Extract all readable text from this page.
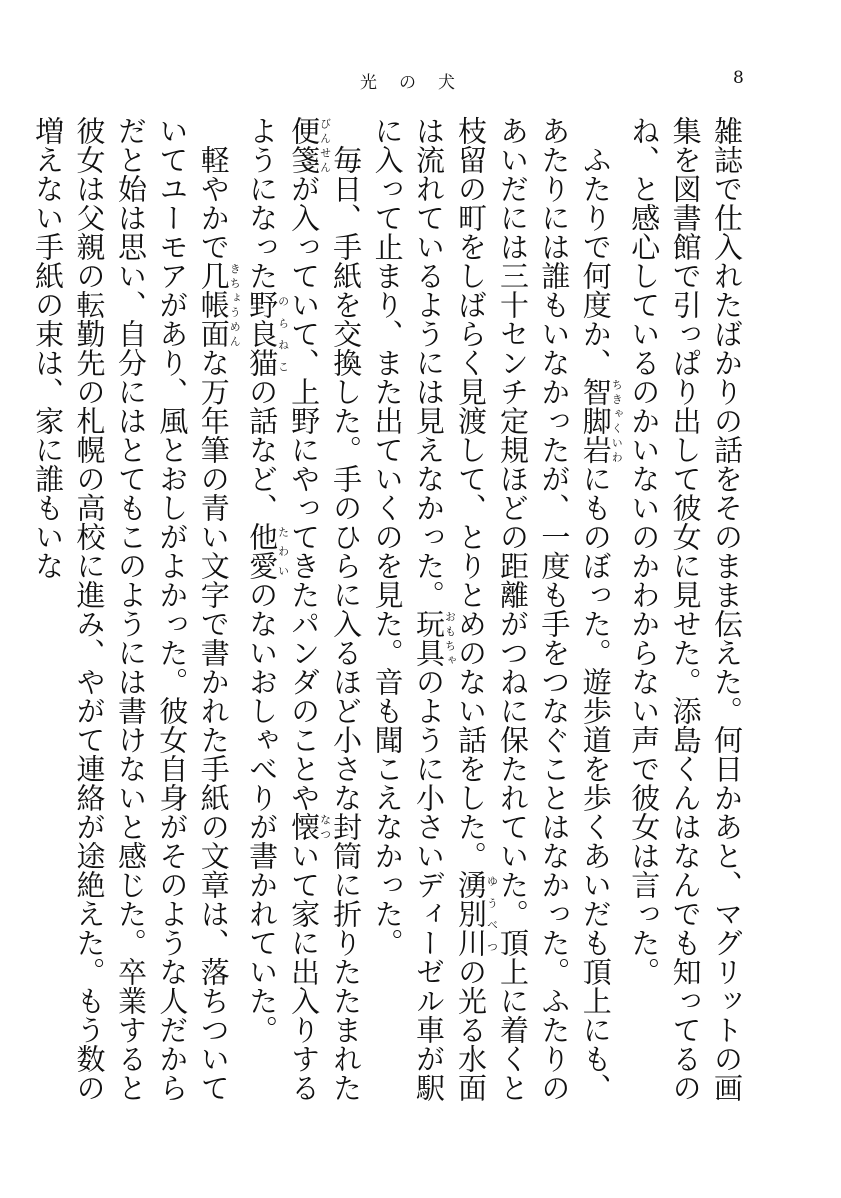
光の犬	8

雑誌で仕入れたばかりの話をそのまま伝えた。何日かあと、マグリットの画集を図書館で引っぱり出して彼女に見せた。添島くんはなんでも知ってるのね、と感心しているのかいないのかわからない声で彼女は言った。

　ふたりで何度か、智脚岩ちきゃくいわにものぼった。遊歩道を歩くあいだも頂上にも、あたりには誰もいなかったが、一度も手をつなぐことはなかった。ふたりのあいだには三十センチ定規ほどの距離がつねに保たれていた。頂上に着くと枝留の町をしばらく見渡して、とりとめのない話をした。湧別川ゆうべつの光る水面は流れているようには見えなかった。玩具おもちゃのように小さいディーゼル車が駅に入って止まり、また出ていくのを見た。音も聞こえなかった。

　毎日、手紙を交換した。手のひらに入るほど小さな封筒に折りたたまれた便箋びんせんが入っていて、上野にやってきたパンダのことや懐なついて家に出入りするようになった野良猫のらねこの話など、他愛たわいのないおしゃべりが書かれていた。

　軽やかで几帳面きちょうめんな万年筆の青い文字で書かれた手紙の文章は、落ちついていてユーモアがあり、風とおしがよかった。彼女自身がそのような人だからだと始は思い、自分にはとてもこのようには書けないと感じた。卒業すると彼女は父親の転勤先の札幌の高校に進み、やがて連絡が途絶えた。もう数の増えない手紙の束は、家に誰もいな
